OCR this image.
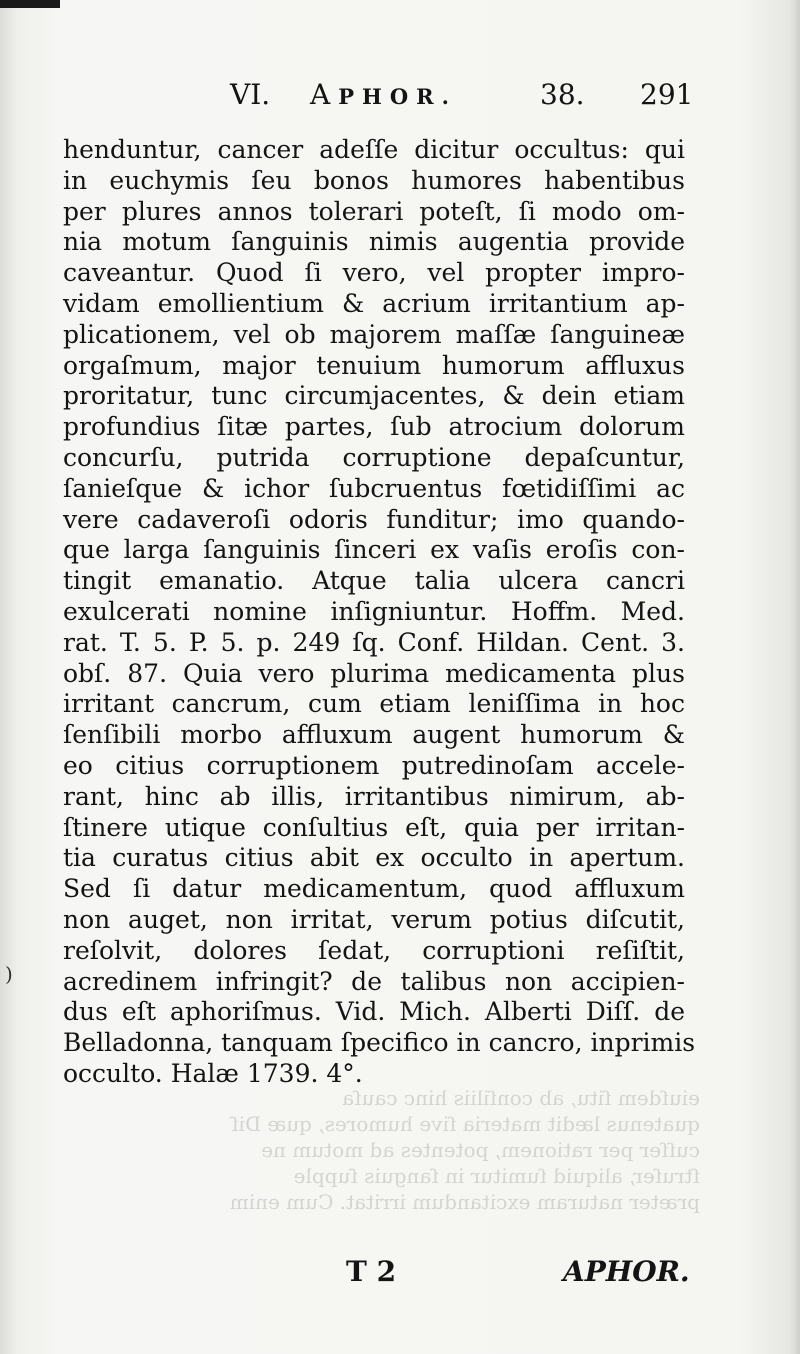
VI. APHOR.	38. 291
henduntur, cancer adeſſe dicitur occultus: qui
in euchymis ſeu bonos humores habentibus
per plures annos tolerari poteſt, ſi modo om-
nia motum ſanguinis nimis augentia provide
caveantur. Quod ſi vero, vel propter impro-
vidam emollientium & acrium irritantium ap-
plicationem, vel ob majorem maſſæ ſanguineæ
orgaſmum, major tenuium humorum affluxus
proritatur, tunc circumjacentes, & dein etiam
profundius ſitæ partes, ſub atrocium dolorum
concurſu, putrida corruptione depaſcuntur,
ſanieſque & ichor ſubcruentus fœtidiſſimi ac
vere cadaveroſi odoris funditur; imo quando-
que larga ſanguinis ſinceri ex vaſis eroſis con-
tingit emanatio. Atque talia ulcera cancri
exulcerati nomine inſigniuntur. Hoffm. Med.
rat. T. 5. P. 5. p. 249 ſq. Conf. Hildan. Cent. 3.
obſ. 87. Quia vero plurima medicamenta plus
irritant cancrum, cum etiam leniſſima in hoc
ſenſibili morbo affluxum augent humorum &
eo citius corruptionem putredinoſam accele-
rant, hinc ab illis, irritantibus nimirum, ab-
ſtinere utique conſultius eſt, quia per irritan-
tia curatus citius abit ex occulto in apertum.
Sed ſi datur medicamentum, quod affluxum
non auget, non irritat, verum potius diſcutit,
reſolvit, dolores ſedat, corruptioni reſiſtit,
acredinem infringit? de talibus non accipien-
dus eſt aphoriſmus. Vid. Mich. Alberti Diſſ. de
Belladonna, tanquam ſpecifico in cancro, inprimis
occulto. Halæ 1739. 4°.
eiuſdem ſitu, ab conſiliis hinc cauſa
quatenus lædit materia ſive humores, quæ Diſ
cuſſer per rationem, potentes ad motum ne
ſtruſer, aliquid ſumitur in ſanguis ſupple
præter naturam excitandum irritat. Cum enim
)
T 2	APHOR.
